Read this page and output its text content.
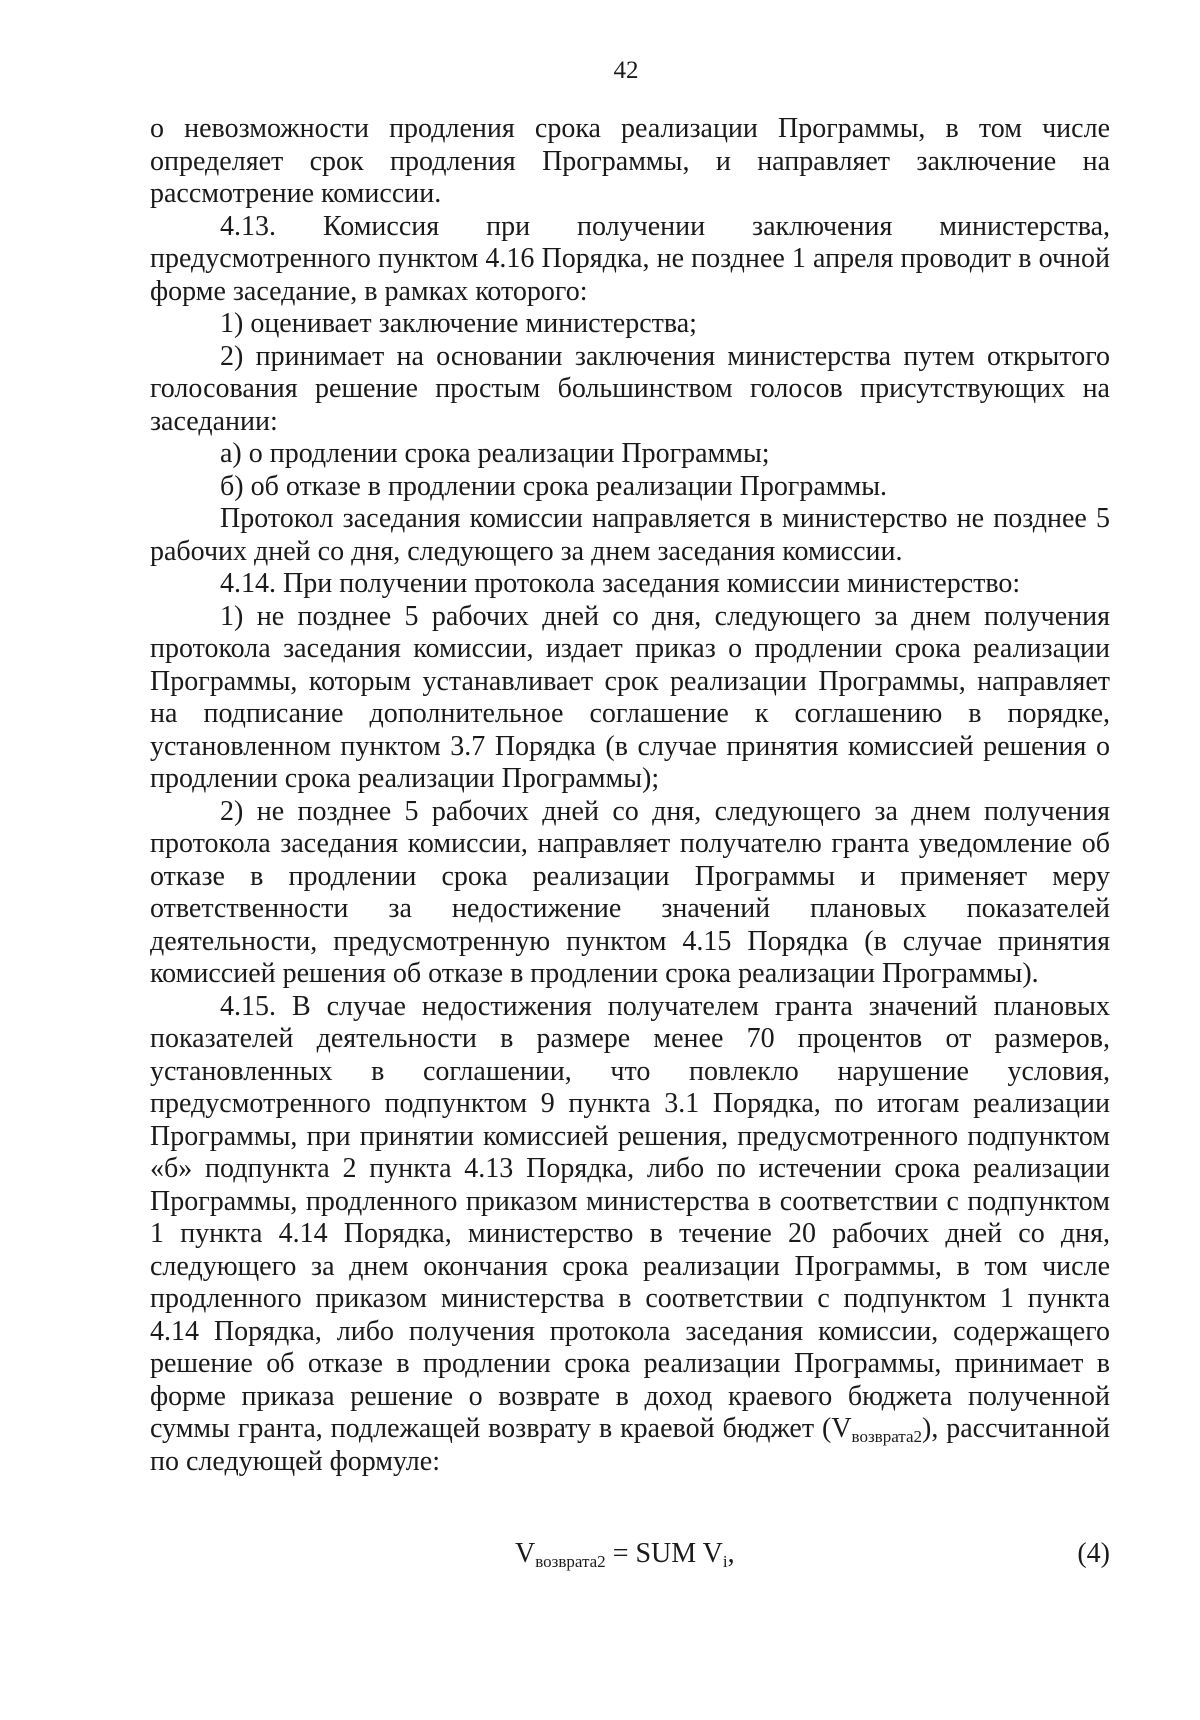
42

о невозможности продления срока реализации Программы, в том числе определяет срок продления Программы, и направляет заключение на рассмотрение комиссии.

4.13. Комиссия при получении заключения министерства, предусмотренного пунктом 4.16 Порядка, не позднее 1 апреля проводит в очной форме заседание, в рамках которого:

1) оценивает заключение министерства;

2) принимает на основании заключения министерства путем открытого голосования решение простым большинством голосов присутствующих на заседании:

а) о продлении срока реализации Программы;

б) об отказе в продлении срока реализации Программы.

Протокол заседания комиссии направляется в министерство не позднее 5 рабочих дней со дня, следующего за днем заседания комиссии.

4.14. При получении протокола заседания комиссии министерство:

1) не позднее 5 рабочих дней со дня, следующего за днем получения протокола заседания комиссии, издает приказ о продлении срока реализации Программы, которым устанавливает срок реализации Программы, направляет на подписание дополнительное соглашение к соглашению в порядке, установленном пунктом 3.7 Порядка (в случае принятия комиссией решения о продлении срока реализации Программы);

2) не позднее 5 рабочих дней со дня, следующего за днем получения протокола заседания комиссии, направляет получателю гранта уведомление об отказе в продлении срока реализации Программы и применяет меру ответственности за недостижение значений плановых показателей деятельности, предусмотренную пунктом 4.15 Порядка (в случае принятия комиссией решения об отказе в продлении срока реализации Программы).

4.15. В случае недостижения получателем гранта значений плановых показателей деятельности в размере менее 70 процентов от размеров, установленных в соглашении, что повлекло нарушение условия, предусмотренного подпунктом 9 пункта 3.1 Порядка, по итогам реализации Программы, при принятии комиссией решения, предусмотренного подпунктом «б» подпункта 2 пункта 4.13 Порядка, либо по истечении срока реализации Программы, продленного приказом министерства в соответствии с подпунктом 1 пункта 4.14 Порядка, министерство в течение 20 рабочих дней со дня, следующего за днем окончания срока реализации Программы, в том числе продленного приказом министерства в соответствии с подпунктом 1 пункта 4.14 Порядка, либо получения протокола заседания комиссии, содержащего решение об отказе в продлении срока реализации Программы, принимает в форме приказа решение о возврате в доход краевого бюджета полученной суммы гранта, подлежащей возврату в краевой бюджет $(V_{возврата2})$, рассчитанной по следующей формуле:

$V_{возврата2}$ = SUM $V_i$,	(4)
